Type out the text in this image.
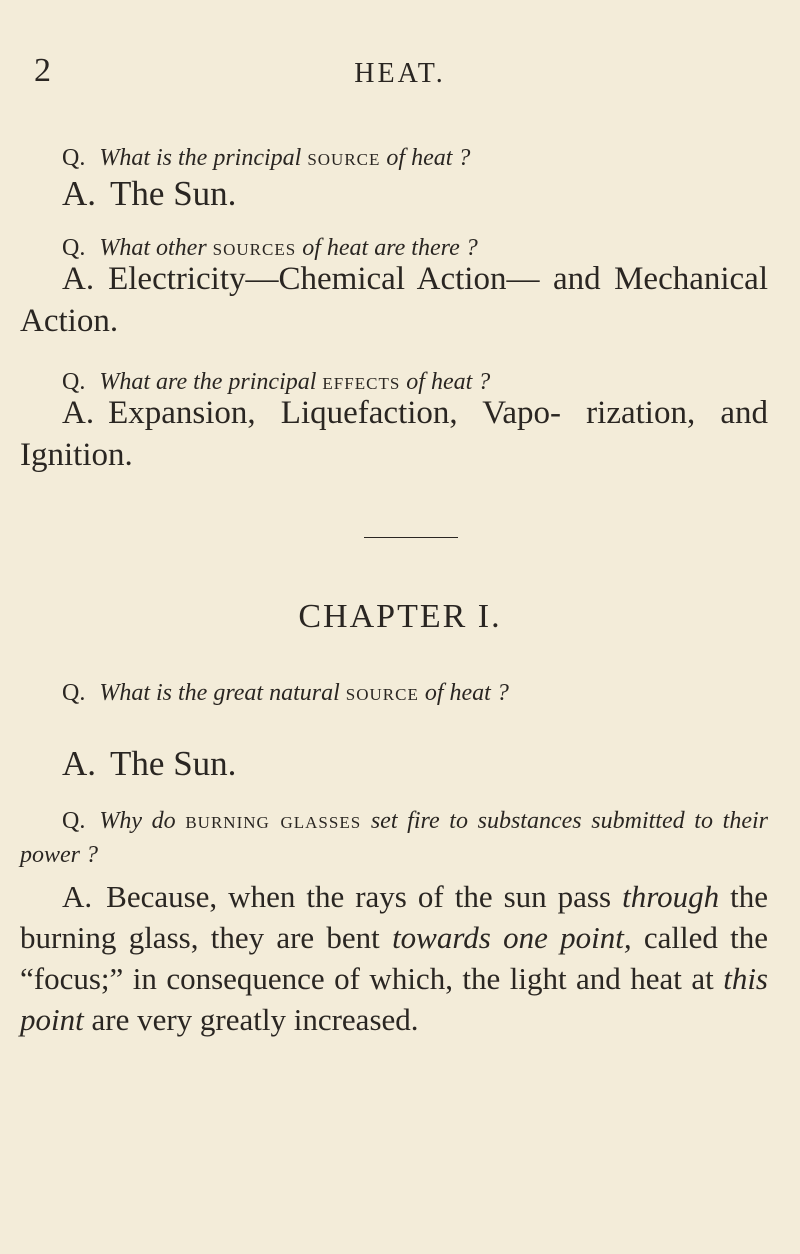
2	HEAT.
Q. What is the principal source of heat ?
A. The Sun.
Q. What other sources of heat are there ?
A. Electricity—Chemical Action— and Mechanical Action.
Q. What are the principal effects of heat ?
A. Expansion, Liquefaction, Vapo- rization, and Ignition.
CHAPTER I.
Q. What is the great natural source of heat ?
A. The Sun.
Q. Why do burning glasses set fire to substances submitted to their power ?
A. Because, when the rays of the sun pass through the burning glass, they are bent towards one point, called the “focus;” in consequence of which, the light and heat at this point are very greatly increased.
